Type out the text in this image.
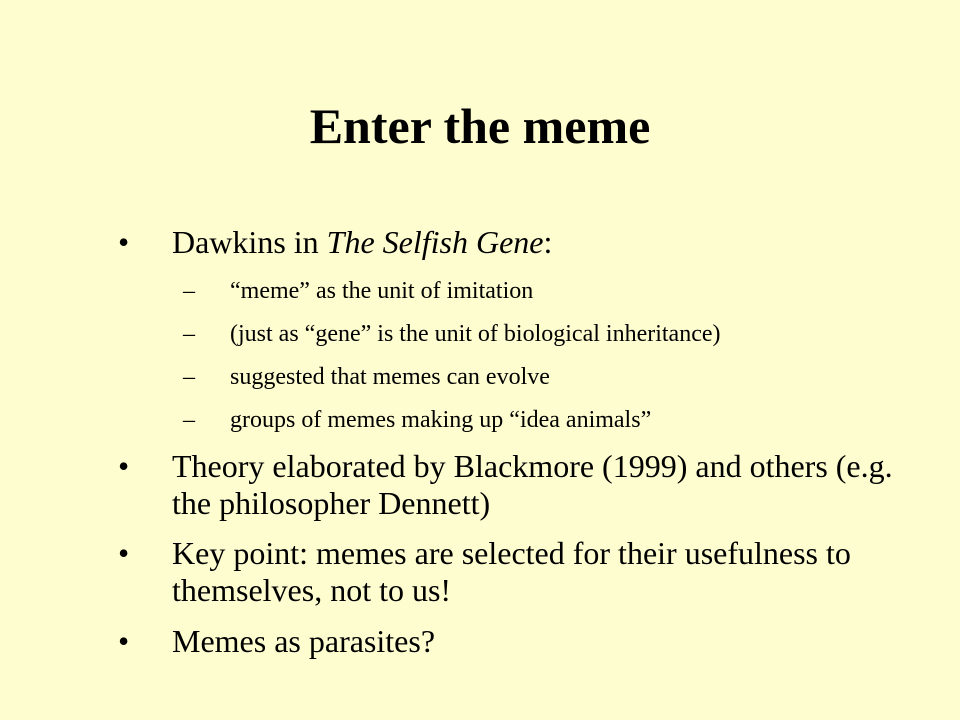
Enter the meme
•	Dawkins in The Selfish Gene:
– “meme” as the unit of imitation
– (just as “gene” is the unit of biological inheritance)
– suggested that memes can evolve
– groups of memes making up “idea animals”
•	Theory elaborated by Blackmore (1999) and others (e.g. the philosopher Dennett)
•	Key point: memes are selected for their usefulness to themselves, not to us!
•	Memes as parasites?
